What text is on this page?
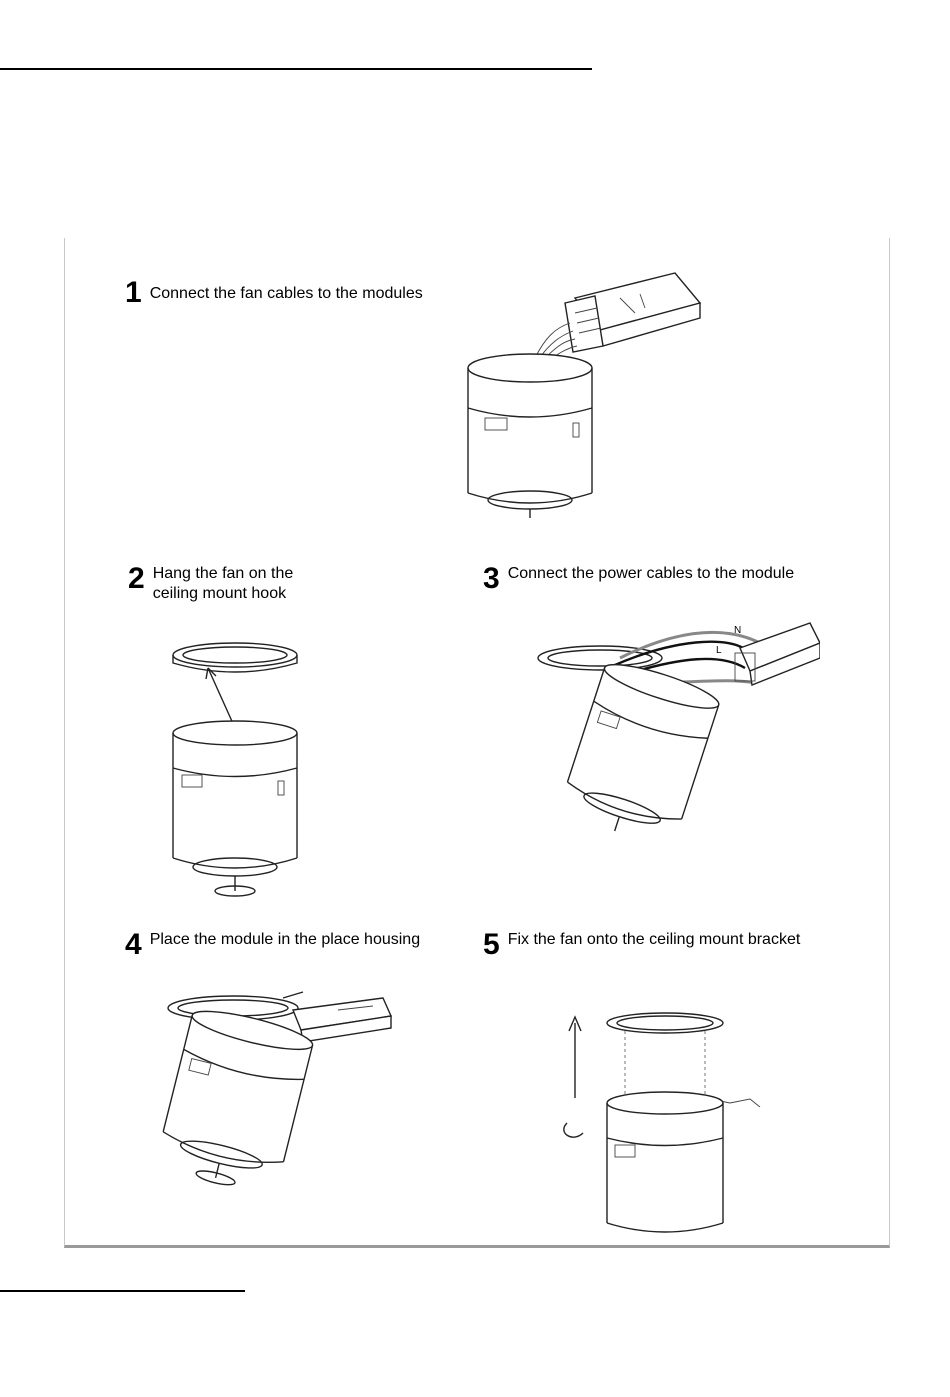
1 Connect the fan cables to the modules
2 Hang the fan on the
ceiling mount hook	3 Connect the power cables to the module
N
L
4 Place the module in the place housing 5 Fix the fan onto the ceiling mount bracket
